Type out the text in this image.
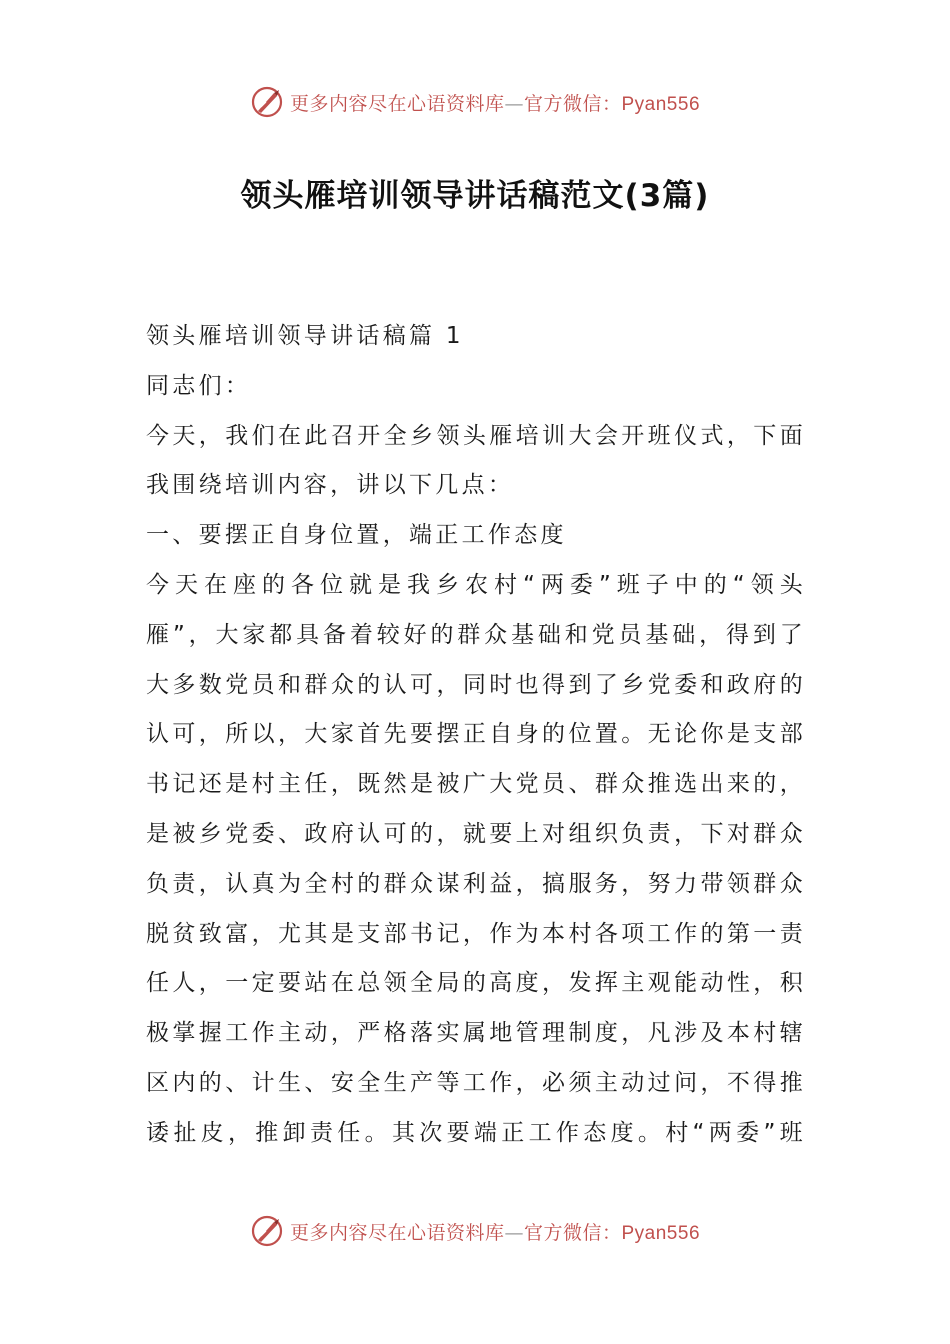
更多内容尽在心语资料库—官方微信：Pyan556
领头雁培训领导讲话稿范文(3篇)

领头雁培训领导讲话稿篇 1

同志们：

今天，我们在此召开全乡领头雁培训大会开班仪式，下面
我围绕培训内容，讲以下几点：

一、要摆正自身位置，端正工作态度

今天在座的各位就是我乡农村“两委”班子中的“领头
雁”，大家都具备着较好的群众基础和党员基础，得到了
大多数党员和群众的认可，同时也得到了乡党委和政府的
认可，所以，大家首先要摆正自身的位置。无论你是支部
书记还是村主任，既然是被广大党员、群众推选出来的，
是被乡党委、政府认可的，就要上对组织负责，下对群众
负责，认真为全村的群众谋利益，搞服务，努力带领群众
脱贫致富，尤其是支部书记，作为本村各项工作的第一责
任人，一定要站在总领全局的高度，发挥主观能动性，积
极掌握工作主动，严格落实属地管理制度，凡涉及本村辖
区内的、计生、安全生产等工作，必须主动过问，不得推
诿扯皮，推卸责任。其次要端正工作态度。村“两委”班

更多内容尽在心语资料库—官方微信：Pyan556
